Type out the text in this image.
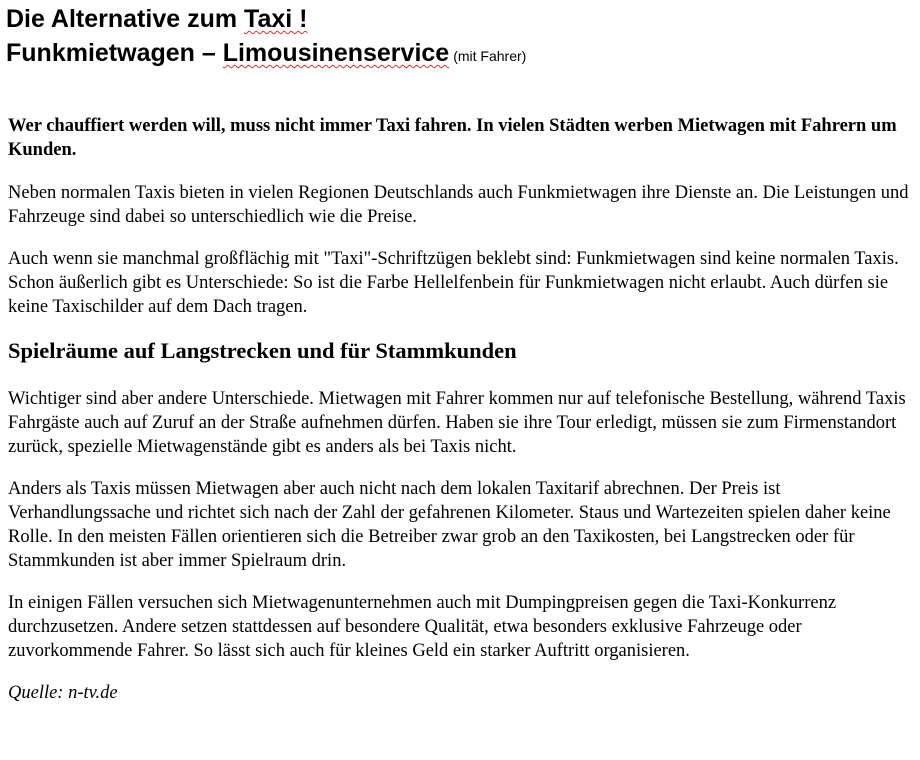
Die Alternative zum Taxi !
Funkmietwagen – Limousinenservice (mit Fahrer)

Wer chauffiert werden will, muss nicht immer Taxi fahren. In vielen Städten werben Mietwagen mit Fahrern um Kunden.

Neben normalen Taxis bieten in vielen Regionen Deutschlands auch Funkmietwagen ihre Dienste an. Die Leistungen und Fahrzeuge sind dabei so unterschiedlich wie die Preise.

Auch wenn sie manchmal großflächig mit "Taxi"-Schriftzügen beklebt sind: Funkmietwagen sind keine normalen Taxis. Schon äußerlich gibt es Unterschiede: So ist die Farbe Hellelfenbein für Funkmietwagen nicht erlaubt. Auch dürfen sie keine Taxischilder auf dem Dach tragen.

Spielräume auf Langstrecken und für Stammkunden

Wichtiger sind aber andere Unterschiede. Mietwagen mit Fahrer kommen nur auf telefonische Bestellung, während Taxis Fahrgäste auch auf Zuruf an der Straße aufnehmen dürfen. Haben sie ihre Tour erledigt, müssen sie zum Firmenstandort zurück, spezielle Mietwagenstände gibt es anders als bei Taxis nicht.

Anders als Taxis müssen Mietwagen aber auch nicht nach dem lokalen Taxitarif abrechnen. Der Preis ist Verhandlungssache und richtet sich nach der Zahl der gefahrenen Kilometer. Staus und Wartezeiten spielen daher keine Rolle. In den meisten Fällen orientieren sich die Betreiber zwar grob an den Taxikosten, bei Langstrecken oder für Stammkunden ist aber immer Spielraum drin.

In einigen Fällen versuchen sich Mietwagenunternehmen auch mit Dumpingpreisen gegen die Taxi-Konkurrenz durchzusetzen. Andere setzen stattdessen auf besondere Qualität, etwa besonders exklusive Fahrzeuge oder zuvorkommende Fahrer. So lässt sich auch für kleines Geld ein starker Auftritt organisieren.

Quelle: n-tv.de
